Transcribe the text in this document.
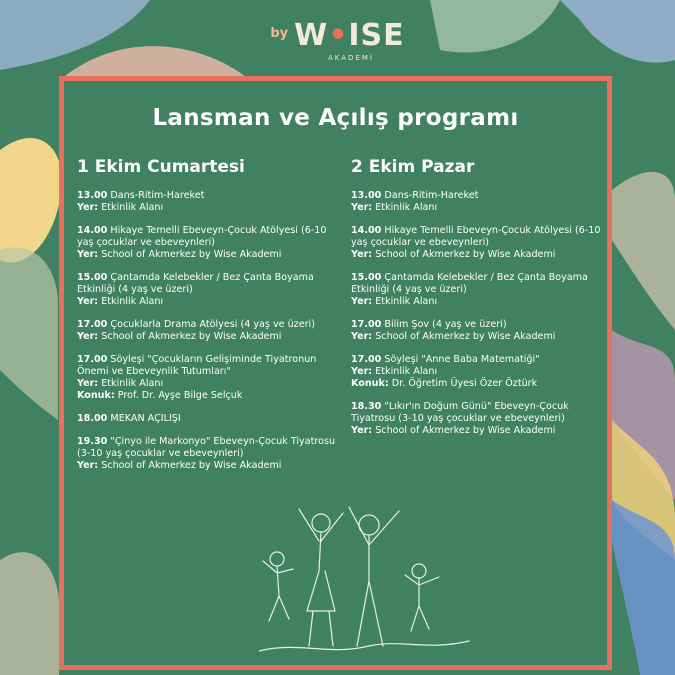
$^{by}$ W•ISE
AKADEMİ
Lansman ve Açılış programı
1 Ekim Cumartesi
13.00 Dans-Ritim-Hareket
Yer: Etkinlik Alanı
14.00 Hikaye Temelli Ebeveyn-Çocuk Atölyesi (6-10 yaş çocuklar ve ebeveynleri)
Yer: School of Akmerkez by Wise Akademi
15.00 Çantamda Kelebekler / Bez Çanta Boyama Etkinliği (4 yaş ve üzeri)
Yer: Etkinlik Alanı
17.00 Çocuklarla Drama Atölyesi (4 yaş ve üzeri)
Yer: School of Akmerkez by Wise Akademi
17.00 Söyleşi "Çocukların Gelişiminde Tiyatronun Önemi ve Ebeveynlik Tutumları"
Yer: Etkinlik Alanı
Konuk: Prof. Dr. Ayşe Bilge Selçuk
18.00 MEKAN AÇILIŞI
19.30 "Çinyo ile Markonyo" Ebeveyn-Çocuk Tiyatrosu (3-10 yaş çocuklar ve ebeveynleri)
Yer: School of Akmerkez by Wise Akademi
2 Ekim Pazar
13.00 Dans-Ritim-Hareket
Yer: Etkinlik Alanı
14.00 Hikaye Temelli Ebeveyn-Çocuk Atölyesi (6-10 yaş çocuklar ve ebeveynleri)
Yer: School of Akmerkez by Wise Akademi
15.00 Çantamda Kelebekler / Bez Çanta Boyama Etkinliği (4 yaş ve üzeri)
Yer: Etkinlik Alanı
17.00 Bilim Şov (4 yaş ve üzeri)
Yer: School of Akmerkez by Wise Akademi
17.00 Söyleşi "Anne Baba Matematiği"
Yer: Etkinlik Alanı
Konuk: Dr. Öğretim Üyesi Özer Öztürk
18.30 "Lıkır'ın Doğum Günü" Ebeveyn-Çocuk Tiyatrosu (3-10 yaş çocuklar ve ebeveynleri)
Yer: School of Akmerkez by Wise Akademi
